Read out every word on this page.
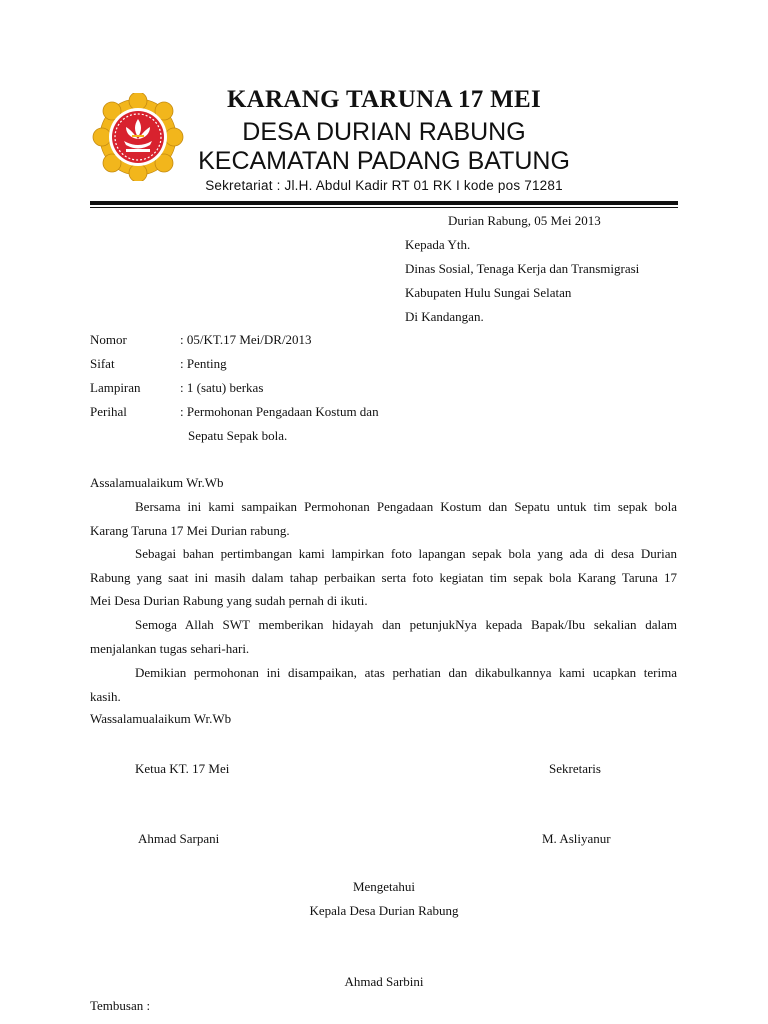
KARANG TARUNA 17 MEI
DESA DURIAN RABUNG
KECAMATAN PADANG BATUNG
Sekretariat : Jl.H. Abdul Kadir RT 01 RK I kode pos 71281
Durian Rabung, 05 Mei 2013
Kepada Yth.
Dinas Sosial, Tenaga Kerja dan Transmigrasi
Kabupaten Hulu Sungai Selatan
Di Kandangan.
Nomor	: 05/KT.17 Mei/DR/2013
Sifat	: Penting
Lampiran	: 1 (satu) berkas
Perihal	: Permohonan Pengadaan Kostum dan
Sepatu Sepak bola.
Assalamualaikum Wr.Wb
Bersama ini kami sampaikan Permohonan Pengadaan Kostum dan Sepatu untuk tim sepak bola
Karang Taruna 17 Mei Durian rabung.
Sebagai bahan pertimbangan kami lampirkan foto lapangan sepak bola yang ada di desa Durian
Rabung yang saat ini masih dalam tahap perbaikan serta foto kegiatan tim sepak bola Karang Taruna 17
Mei Desa Durian Rabung yang sudah pernah di ikuti.
Semoga Allah SWT memberikan hidayah dan petunjukNya kepada Bapak/Ibu sekalian dalam
menjalankan tugas sehari-hari.
Demikian permohonan ini disampaikan, atas perhatian dan dikabulkannya kami ucapkan terima
kasih.
Wassalamualaikum Wr.Wb
Ketua KT. 17 Mei	Sekretaris
Ahmad Sarpani	M. Asliyanur
Mengetahui
Kepala Desa Durian Rabung
Ahmad Sarbini
Tembusan :
